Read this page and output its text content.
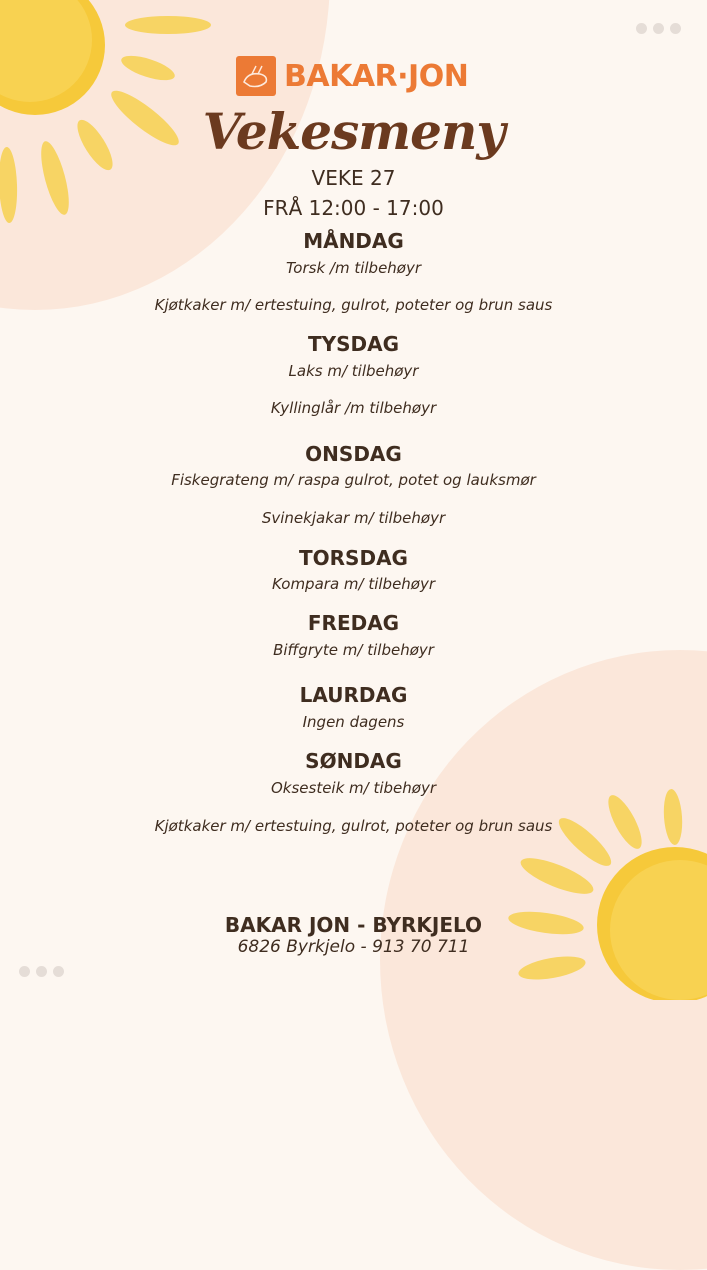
BAKAR·JON
Vekesmeny
VEKE 27
FRÅ 12:00 - 17:00
MÅNDAG
Torsk /m tilbehøyr
Kjøtkaker m/ ertestuing, gulrot, poteter og brun saus
TYSDAG
Laks m/ tilbehøyr
Kyllinglår /m tilbehøyr
ONSDAG
Fiskegrateng m/ raspa gulrot, potet og lauksmør
Svinekjakar m/ tilbehøyr
TORSDAG
Kompara m/ tilbehøyr
FREDAG
Biffgryte m/ tilbehøyr
LAURDAG
Ingen dagens
SØNDAG
Oksesteik m/ tibehøyr
Kjøtkaker m/ ertestuing, gulrot, poteter og brun saus
BAKAR JON - BYRKJELO
6826 Byrkjelo - 913 70 711
